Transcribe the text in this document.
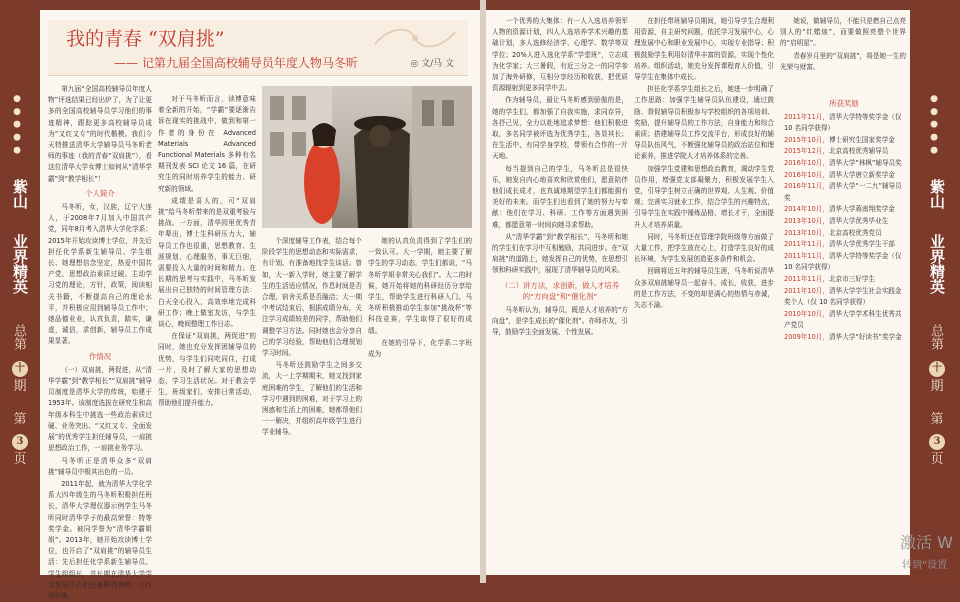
● ● ● ● ●
紫山
业界精英
总第
十
期
第
3
页
● ● ● ● ●
紫山
业界精英
总第
十
期
第
3
页
我的青春 “双肩挑”
—— 记第九届全国高校辅导员年度人物马冬昕	◎ 文/马 文

第九届“全国高校辅导员年度人物”评选结果已经出炉了，为了让更多的全国高校辅导员学习他们的事迹精神，跟踪更多高校辅导员成为“又红又专”的时代楷模。我们今天特推送清华大学辅导员马冬昕老师的事迹（我的青春“双肩挑”），看这位清华大学女博士如何从“清华学霸”到“教学相长”！

个人简介

马冬昕，女，汉族，辽宁大连人，于2008年7月加入中国共产党，同年8月考入清华大学化学系；2015年开始攻读博士学位，并先后担任化学系新生辅导员、学生组长、她理想信念坚定，热爱中国共产党，思想政治素质过硬。主动学习党的理论，方针，政策，阅读相关书籍，不断提高自己的理论水平，并积极应用到辅导员工作中；她品德业业，认真负责，踏实，谦虚，诚信，求创新，辅导员工作成果显著。

作情况

（一）双肩挑，两促进，从“清华学霸”到“教学相长”“双肩挑”辅导员制度是清华大学的传统，始建于1953年。该制度选拔在研究生和高年级本科生中挑选一些政治素质过硬、业务突出、“又红又专、全面发展”的优秀学生担任辅导员，一肩挑思想政治工作，一肩挑业务学习。

马冬昕正是清华众多“双肩挑”辅导员中极其出色的一员。

2011年起，就为清华大学化学系大四年级生的马冬昕积极担任班长，清华大学理仪器示例学生马冬昕同时清华学子的最高荣誉：特等奖学金。被同学誉为“清华学霸姐姐”。2013年，她开始攻读博士学位，也开启了“双肩挑”的辅导员生活：先后担任化学系新生辅导员、学生组组长，并长期在清华大学学习发展中心担任兼职咨询师，工作培训等。

对于马冬昕而言，读博意味着全新的开始，“学霸”要逐渐告诉在现实的挑战中，做到和第一作者的身份在 Advanced Materials Advanced Functional Materials 多种有名期刊发表 SCI 论文 16 篇，在研究生的同时培养学生的能力、研究新的领域。

成绩是喜人的，可“双肩挑”给马冬昕带来的是双重考验与挑战。一方面，清华园里优秀青年辈出，博士生科研压力大，辅导员工作也很重，思想教育、生涯规划、心理服务，事无巨细，需要投入大量的时间和精力。在长期的思考与实践中，马冬昕发展出自己独特的时间管理方法：白天全心投入，高效率地完成科研工作；晚上做室友访，与学生谈心，晚间整理工作日志。

在保证“双肩挑，两促进”的同时，她也充分发挥团辅导员的优势，与学生们同吃同住，打成一片，及时了解大家的思想动态，学习生活状况。对于教会学生，班级家们，安排日常活动，帮助他们提升能力。

个深度辅导工作表，结合每个阶段学生的思想动态和实际需求，有计划、有准备地找学生谈话。曾如，大一新入学时，她主要了解学生的生活适应情况，作息时间是否合理，宿舍关系是否融洽；大一期中考试结束后，根据成绩分布，关注学习成绩较差的同学，帮助他们调整学习方法。同时她也会分享自己的学习经验，帮助他们合理规划学习时间。

马冬昕还鼓励学生之间多交流，大一上学期期末，她又找到家庭困难的学生，了解他们的生活和学习中遇到的困难，对于学习上的困惑和生活上的困难，她都帮他们一一解决，并组织高年级学生进行学业辅导。

她的认真负责得到了学生们的一致认可。大一学期，她主要了解学生的学习动态，学生们都说，“马冬昕学姐非常关心我们”。大二的时候，她开始将她的科研经历分享给学生，帮助学生进行科研入门。马冬昕积极推动学生参加“挑战杯”等科技竞赛，学生取得了很好的成绩。

在她的引导下，化学系二字班成为

一个优秀的大集体：有一人入选培养领军人物的资源计划，四人入选培养学术兴趣的基础计划，多人选修经济学、心理学、数学等双学位；20%人进入选化学系“学堂班”，立志成为化学家；大三暑假，有近三分之一的同学参加了海外研修，互相分享经历和收获，把优质资源辐射到更多同学中去。

作为辅导员，最让马冬昕感到骄傲的是，她的学生们，都加强了自我实施，求同存异，各抒己见，全力以赴地追求梦想：他们积极进取，多名同学被评选为优秀学生，各显其长；在生活中，有同学身学校，带领有合作的一片天地。

每当提到自己的学生，马冬昕总是很快乐，她发自内心地喜欢和欣赏他们，愿意陪伴他们成长成才，也真诚地期望学生们都能拥有美好的未来。而学生们也看到了她的努力与奉献：他们在学习、科研、工作等方面遇到困难，都愿意第一时间向她寻求帮助。

从“清华学霸”到“教学相长”，马冬昕和她的学生们在学习中互相勉励，共同进步。在“双肩挑”的道路上，她发挥自己的优势，在思想引领和科研实践中，展现了清华辅导员的风采。

（二）讲方法，求创新，做人才培养的“方向盘”和“催化剂”

马冬昕认为，辅导员，既是人才培养的“方向盘”，是学生成长的“催化剂”。亦师亦友，引导，鼓励学生全面发展、个性发展。

在担任带班辅导员期间，她引导学生合理利用资源，自主研究问题，依托学习发展中心，心理发展中心和职业发展中心，实现专业指导；积极鼓励学生利用好清华丰富的资源，实现个性化培养。组织活动，她充分发挥课程育人价值，引导学生在集体中成长。

担任化学系学生组长之后，她进一步明确了工作思路：加强学生辅导员队伍建设，通过鼓励、督促辅导员积极参与学校组织的各项培训、奖励，提升辅导员的工作方法，自身能力和综合素质；搭建辅导员工作交流平台，形成良好的辅导员队伍风气，不断强化辅导员的政治站位和理论素养，推进学院人才培养体系的完善。

加强学生党建和思想政治教育，调动学生党员作用，增强党支部凝聚力，积极发展学生入党，引导学生树立正确的世界观、人生观、价值观；完善实习就业工作，结合学生的兴趣特点，引导学生在实践中锤炼品格、增长才干，全面提升人才培养质量。

同时，马冬昕还在管理学院班级等方面做了大量工作，把学生放在心上，打造学生良好的成长环境，为学生发展创造更多条件和机会。

回顾将近五年的辅导员生涯，马冬昕说清华众多双肩挑辅导员一起奋斗，成长，收获，进步的是工作方法，不变的却是满心的热情与赤诚，矢志不渝。

她说，做辅导员，不能只是燃自己点亮别人的“红蜡烛”，而要做照亮整个世界的“启明星”。

青春岁月里的“双肩挑”，将是她一生的光荣与财富。

所获奖励
2011年11月，清华大学特等奖学金（仅 10 名同学获得）
2015年10月，博士研究生国家奖学金
2015年12月，北京高校优秀辅导员
2016年10月，清华大学“林枫”辅导员奖
2016年10月，清华大学唐立新奖学金
2016年11月，清华大学“一二九”辅导员奖
2014年10月，清华大学蒋南翔奖学金
2013年10月，清华大学优秀毕业生
2013年10月，北京高校优秀党员
2011年11月，清华大学优秀学生干部
2011年11月，清华大学特等奖学金（仅 10 名同学获得）
2011年11月，北京市三好学生
2011年10月，清华大学学生社会实践金奖个人（仅 10 名同学获得）
2010年10月，清华大学学术科生优秀共产党员
2009年10月，清华大学“好读书”奖学金
激活 W
转到“设置
